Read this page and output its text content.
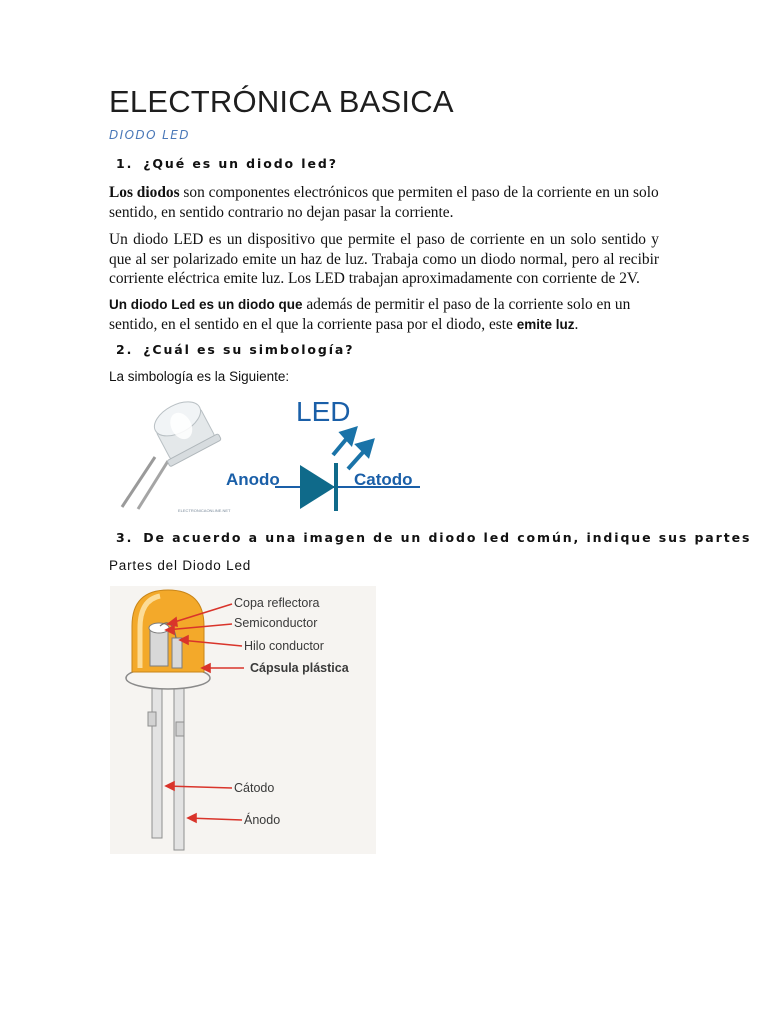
ELECTRÓNICA BASICA

DIODO LED

1. ¿Qué es un diodo led?

Los diodos son componentes electrónicos que permiten el paso de la corriente en un solo sentido, en sentido contrario no dejan pasar la corriente.

Un diodo LED es un dispositivo que permite el paso de corriente en un solo sentido y que al ser polarizado emite un haz de luz. Trabaja como un diodo normal, pero al recibir corriente eléctrica emite luz. Los LED trabajan aproximadamente con corriente de 2V.

Un diodo Led es un diodo que además de permitir el paso de la corriente solo en un sentido, en el sentido en el que la corriente pasa por el diodo, este emite luz.

2. ¿Cuál es su simbología?

La simbología es la Siguiente:

LED
Anodo	Catodo
ELECTRONICAONLINE.NET

3. De acuerdo a una imagen de un diodo led común, indique sus partes

Partes del Diodo Led

Copa reflectora
Semiconductor
Hilo conductor
Cápsula plástica
Cátodo
Ánodo
